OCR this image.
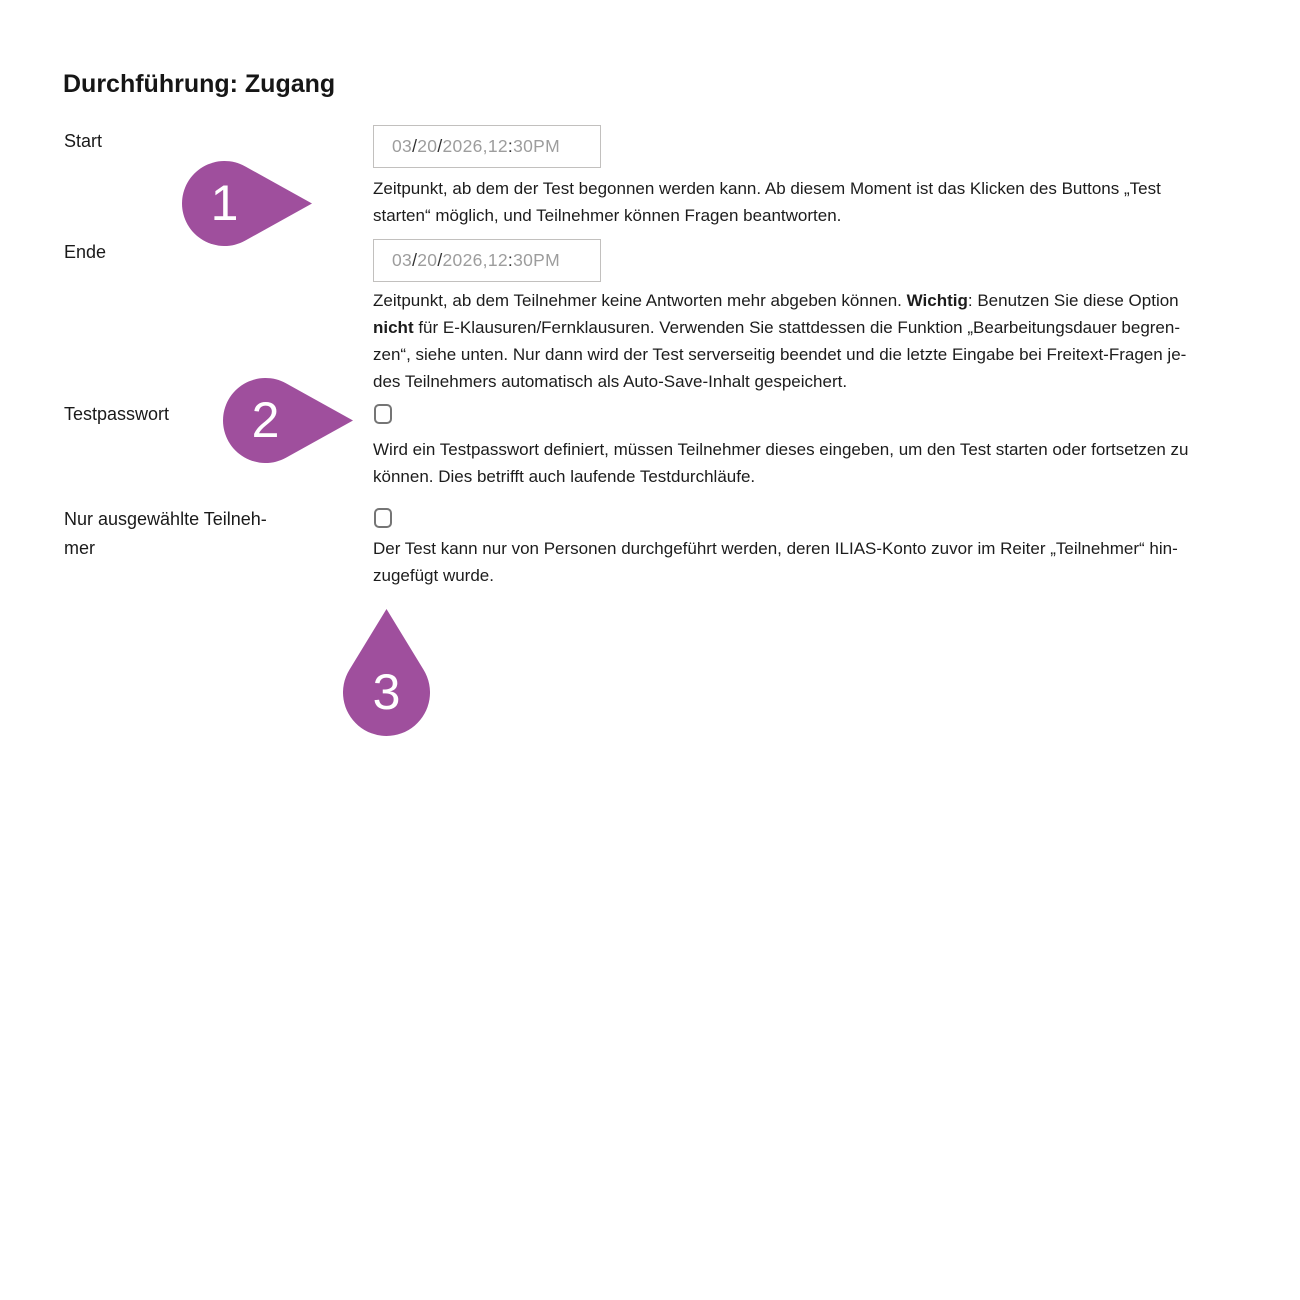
Durchführung: Zugang
Start	03 / 20 / 2026 , 12 : 30 PM
Zeitpunkt, ab dem der Test begonnen werden kann. Ab diesem Moment ist das Klicken des Buttons „Test
starten“ möglich, und Teilnehmer können Fragen beantworten.
Ende	03 / 20 / 2026 , 12 : 30 PM
Zeitpunkt, ab dem Teilnehmer keine Antworten mehr abgeben können. Wichtig: Benutzen Sie diese Option
nicht für E-Klausuren/Fernklausuren. Verwenden Sie stattdessen die Funktion „Bearbeitungsdauer begren-
zen“, siehe unten. Nur dann wird der Test serverseitig beendet und die letzte Eingabe bei Freitext-Fragen je-
des Teilnehmers automatisch als Auto-Save-Inhalt gespeichert.
Testpasswort
Wird ein Testpasswort definiert, müssen Teilnehmer dieses eingeben, um den Test starten oder fortsetzen zu
können. Dies betrifft auch laufende Testdurchläufe.
Nur ausgewählte Teilneh-
mer	Der Test kann nur von Personen durchgeführt werden, deren ILIAS-Konto zuvor im Reiter „Teilnehmer“ hin-
zugefügt wurde.
1
2
3
